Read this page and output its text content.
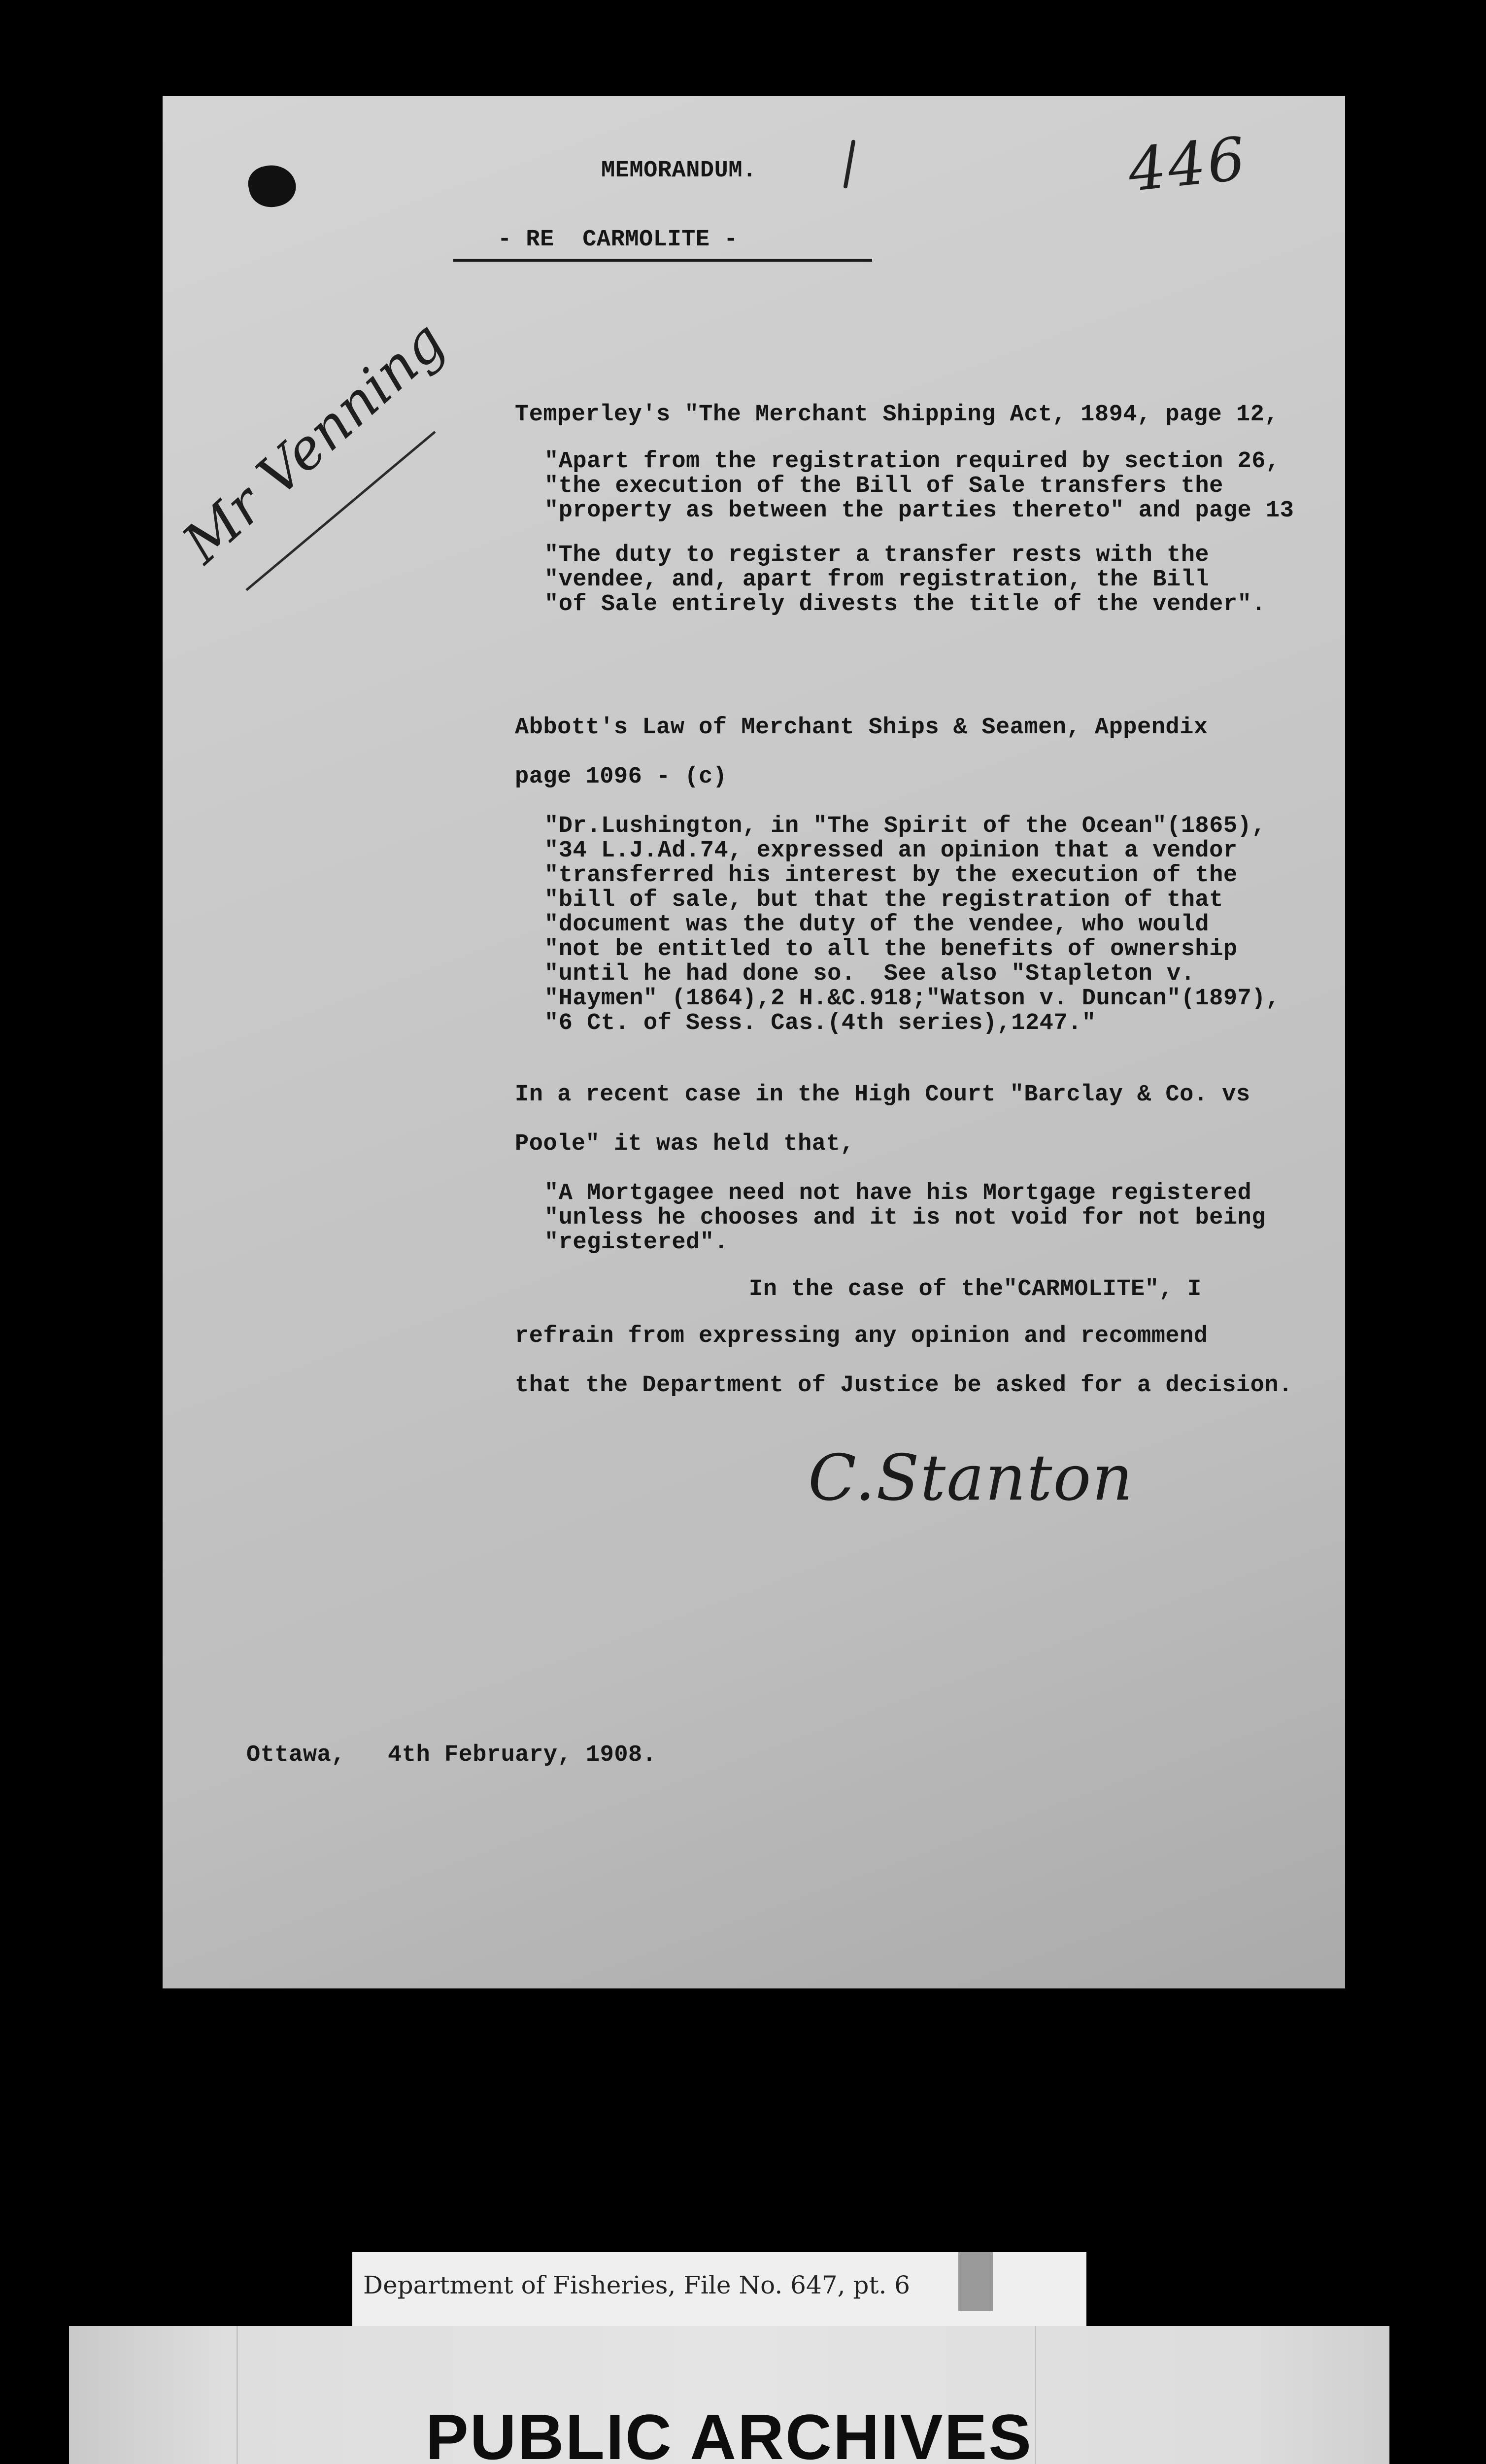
MEMORANDUM.	446
- RE  CARMOLITE -
Mr Venning	Temperley's "The Merchant Shipping Act, 1894, page 12,
"Apart from the registration required by section 26,
"the execution of the Bill of Sale transfers the
"property as between the parties thereto" and page 13
"The duty to register a transfer rests with the
"vendee, and, apart from registration, the Bill
"of Sale entirely divests the title of the vender".
Abbott's Law of Merchant Ships & Seamen, Appendix
page 1096 - (c)
"Dr.Lushington, in "The Spirit of the Ocean"(1865),
"34 L.J.Ad.74, expressed an opinion that a vendor
"transferred his interest by the execution of the
"bill of sale, but that the registration of that
"document was the duty of the vendee, who would
"not be entitled to all the benefits of ownership
"until he had done so.  See also "Stapleton v.
"Haymen" (1864),2 H.&C.918;"Watson v. Duncan"(1897),
"6 Ct. of Sess. Cas.(4th series),1247."
In a recent case in the High Court "Barclay & Co. vs
Poole" it was held that,
"A Mortgagee need not have his Mortgage registered
"unless he chooses and it is not void for not being
"registered".
In the case of the"CARMOLITE", I
refrain from expressing any opinion and recommend
that the Department of Justice be asked for a decision.
C.Stanton
Ottawa,   4th February, 1908.
Department of Fisheries, File No. 647, pt. 6
PUBLIC ARCHIVES
